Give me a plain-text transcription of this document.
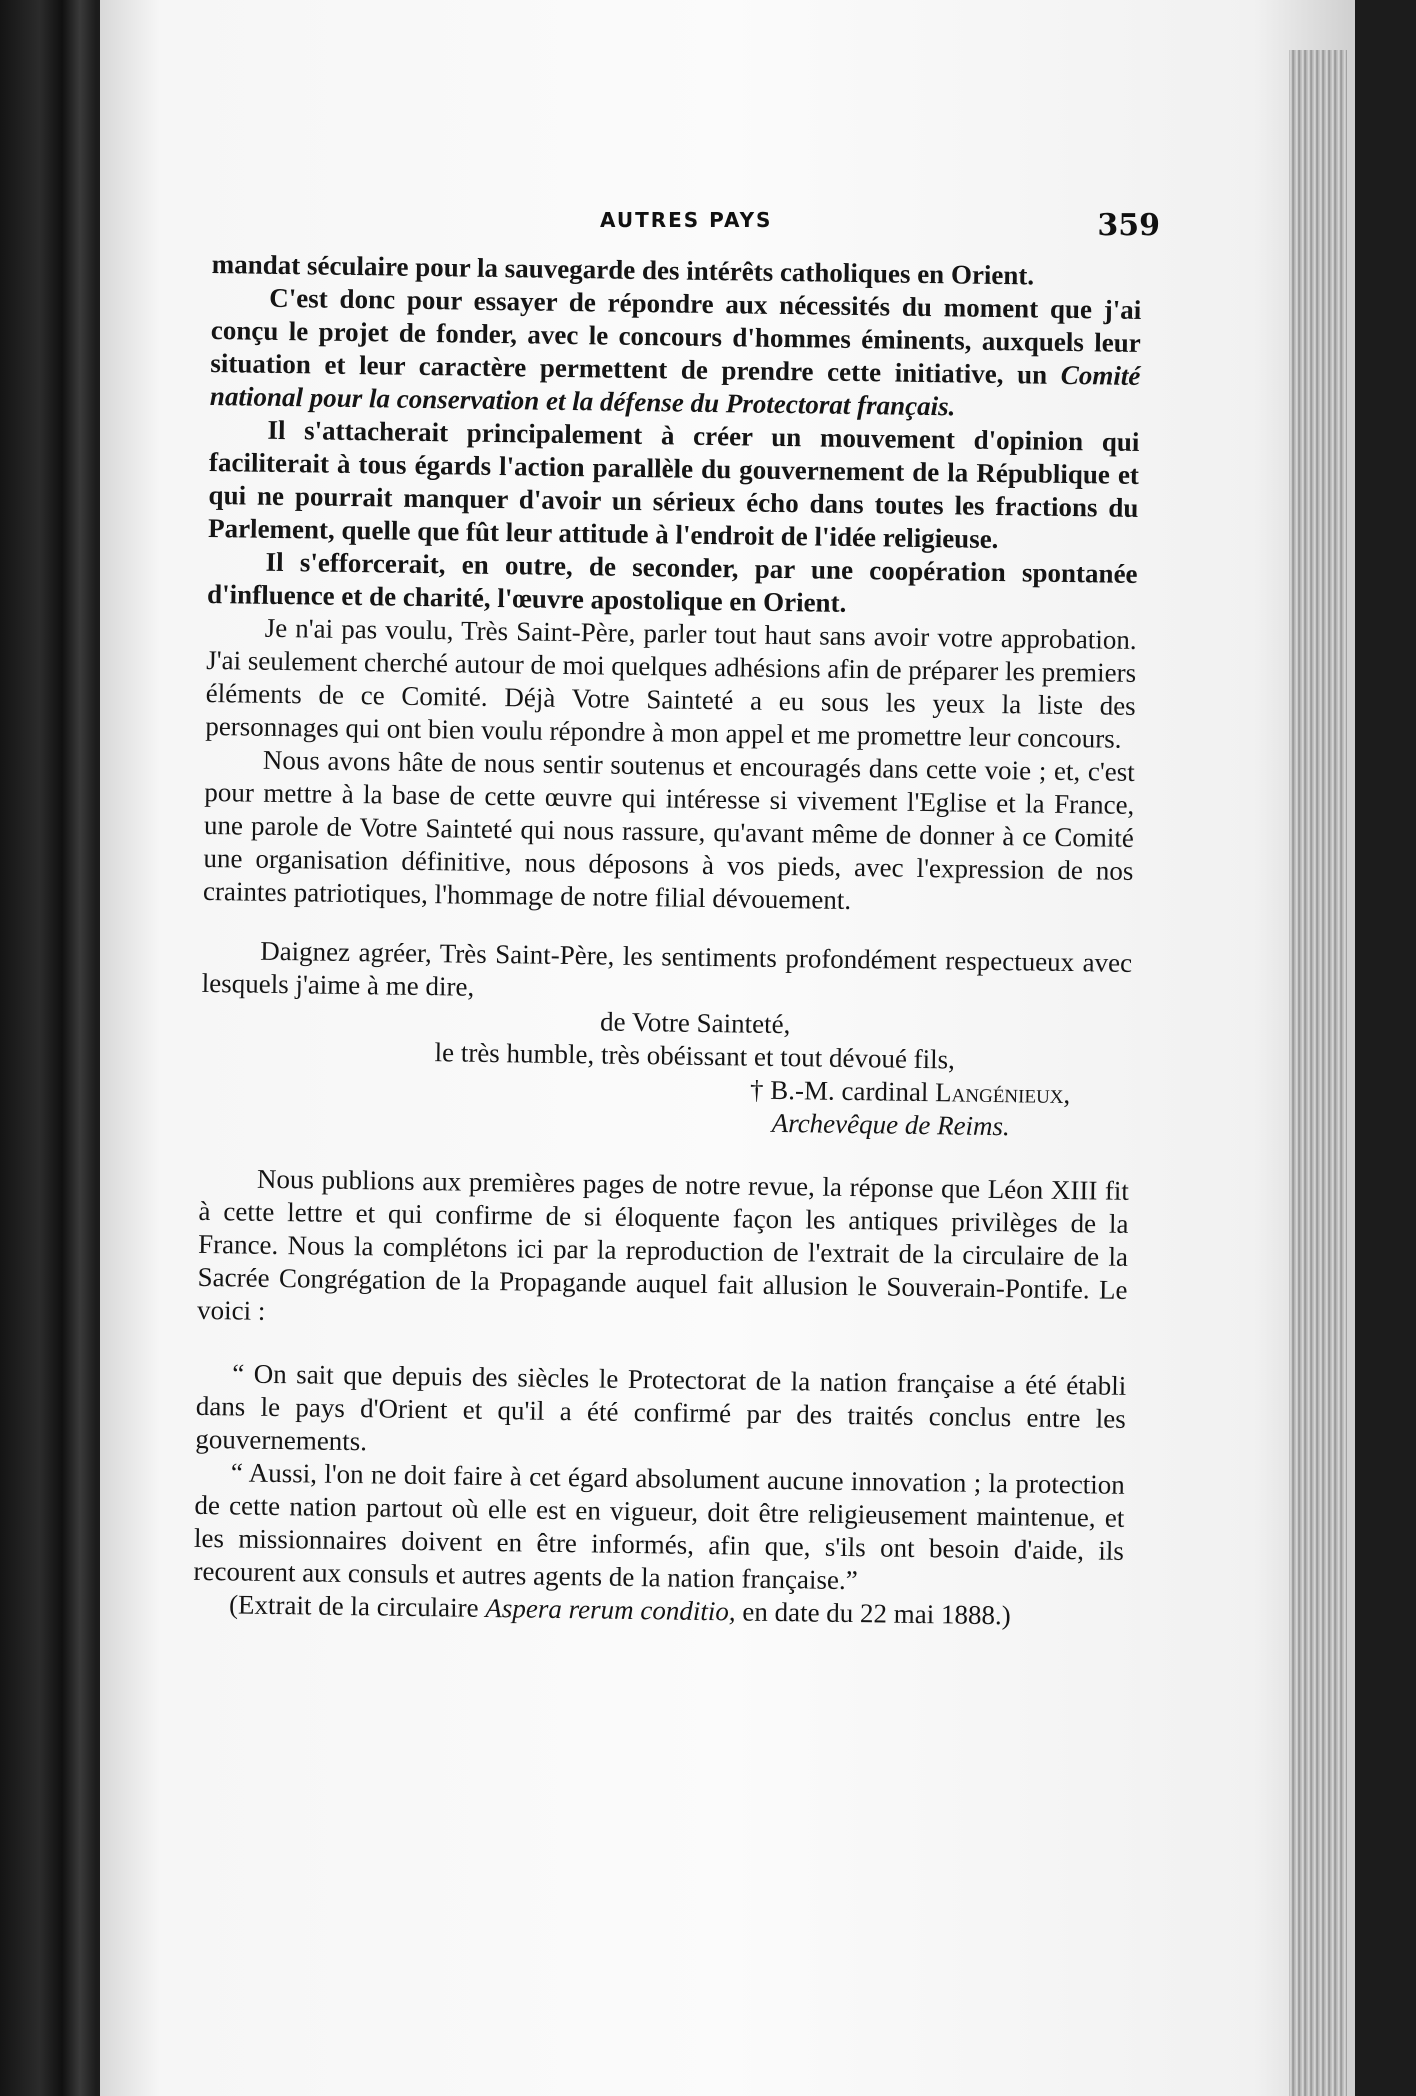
AUTRES PAYS	359

mandat séculaire pour la sauvegarde des intérêts catholiques en Orient.

C'est donc pour essayer de répondre aux nécessités du moment que j'ai conçu le projet de fonder, avec le concours d'hommes éminents, auxquels leur situation et leur caractère permettent de prendre cette initiative, un Comité national pour la conservation et la défense du Protectorat français.

Il s'attacherait principalement à créer un mouvement d'opinion qui faciliterait à tous égards l'action parallèle du gouvernement de la République et qui ne pourrait manquer d'avoir un sérieux écho dans toutes les fractions du Parlement, quelle que fût leur attitude à l'endroit de l'idée religieuse.

Il s'efforcerait, en outre, de seconder, par une coopération spontanée d'influence et de charité, l'œuvre apostolique en Orient.

Je n'ai pas voulu, Très Saint-Père, parler tout haut sans avoir votre approbation. J'ai seulement cherché autour de moi quelques adhésions afin de préparer les premiers éléments de ce Comité. Déjà Votre Sainteté a eu sous les yeux la liste des personnages qui ont bien voulu répondre à mon appel et me promettre leur concours.

Nous avons hâte de nous sentir soutenus et encouragés dans cette voie ; et, c'est pour mettre à la base de cette œuvre qui intéresse si vivement l'Eglise et la France, une parole de Votre Sainteté qui nous rassure, qu'avant même de donner à ce Comité une organisation définitive, nous déposons à vos pieds, avec l'expression de nos craintes patriotiques, l'hommage de notre filial dévouement.

Daignez agréer, Très Saint-Père, les sentiments profondément respectueux avec lesquels j'aime à me dire,

de Votre Sainteté,

le très humble, très obéissant et tout dévoué fils,

† B.-M. cardinal Langénieux,

Archevêque de Reims.

Nous publions aux premières pages de notre revue, la réponse que Léon XIII fit à cette lettre et qui confirme de si éloquente façon les antiques privilèges de la France. Nous la complétons ici par la reproduction de l'extrait de la circulaire de la Sacrée Congrégation de la Propagande auquel fait allusion le Souverain-Pontife. Le voici :

“ On sait que depuis des siècles le Protectorat de la nation française a été établi dans le pays d'Orient et qu'il a été confirmé par des traités conclus entre les gouvernements.

“ Aussi, l'on ne doit faire à cet égard absolument aucune innovation ; la protection de cette nation partout où elle est en vigueur, doit être religieusement maintenue, et les missionnaires doivent en être informés, afin que, s'ils ont besoin d'aide, ils recourent aux consuls et autres agents de la nation française.”

(Extrait de la circulaire Aspera rerum conditio, en date du 22 mai 1888.)
